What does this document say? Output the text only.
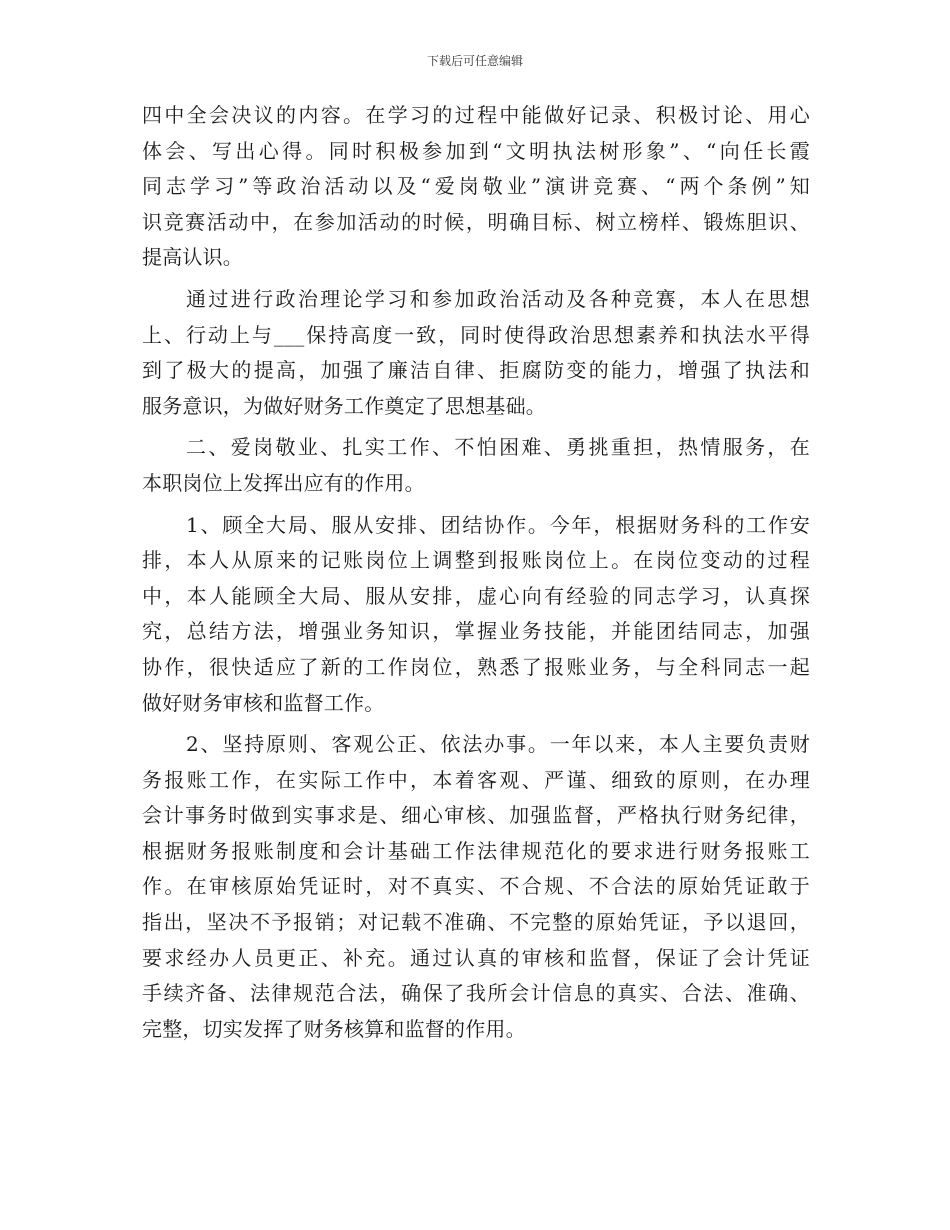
下载后可任意编辑
四中全会决议的内容。在学习的过程中能做好记录、积极讨论、用心
体会、写出心得。同时积极参加到“文明执法树形象”、“向任长霞
同志学习”等政治活动以及“爱岗敬业”演讲竞赛、“两个条例”知
识竞赛活动中，在参加活动的时候，明确目标、树立榜样、锻炼胆识、
提高认识。
通过进行政治理论学习和参加政治活动及各种竞赛，本人在思想
上、行动上与___保持高度一致，同时使得政治思想素养和执法水平得
到了极大的提高，加强了廉洁自律、拒腐防变的能力，增强了执法和
服务意识，为做好财务工作奠定了思想基础。
二、爱岗敬业、扎实工作、不怕困难、勇挑重担，热情服务，在
本职岗位上发挥出应有的作用。
1、顾全大局、服从安排、团结协作。今年，根据财务科的工作安
排，本人从原来的记账岗位上调整到报账岗位上。在岗位变动的过程
中，本人能顾全大局、服从安排，虚心向有经验的同志学习，认真探
究，总结方法，增强业务知识，掌握业务技能，并能团结同志，加强
协作，很快适应了新的工作岗位，熟悉了报账业务，与全科同志一起
做好财务审核和监督工作。
2、坚持原则、客观公正、依法办事。一年以来，本人主要负责财
务报账工作，在实际工作中，本着客观、严谨、细致的原则，在办理
会计事务时做到实事求是、细心审核、加强监督，严格执行财务纪律，
根据财务报账制度和会计基础工作法律规范化的要求进行财务报账工
作。在审核原始凭证时，对不真实、不合规、不合法的原始凭证敢于
指出，坚决不予报销；对记载不准确、不完整的原始凭证，予以退回，
要求经办人员更正、补充。通过认真的审核和监督，保证了会计凭证
手续齐备、法律规范合法，确保了我所会计信息的真实、合法、准确、
完整，切实发挥了财务核算和监督的作用。
